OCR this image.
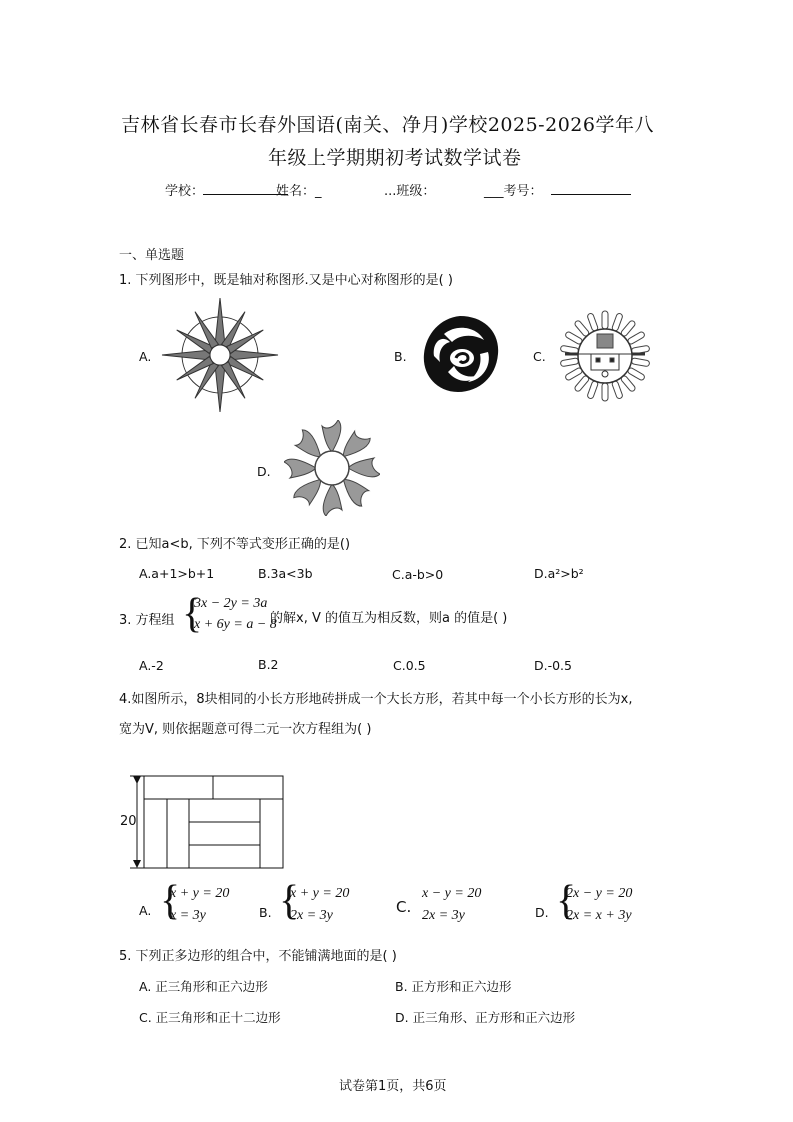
吉林省长春市长春外国语(南关、净月)学校2025-2026学年八
年级上学期期初考试数学试卷
学校：	姓名：_	...班级：	___考号：
一、单选题
1. 下列图形中，既是轴对称图形.又是中心对称图形的是( )
A.	B.	C.
D.
2. 已知a<b, 下列不等式变形正确的是()
A.a+1>b+1	B.3a<3b	C.a-b>0	D.a²>b²
3. 方程组 {
3x − 2y = 3a
x + 6y = a − 8
的解x, V 的值互为相反数，则a 的值是( )
A.-2	B.2	C.0.5	D.-0.5
4.如图所示，8块相同的小长方形地砖拼成一个大长方形，若其中每一个小长方形的长为x,
宽为V, 则依据题意可得二元一次方程组为( )
20
A. {
x + y = 20
x = 3y	B. {
x + y = 20
2x = 3y	C.
x − y = 20
2x = 3y	D. {
2x − y = 20
2x = x + 3y
5. 下列正多边形的组合中，不能铺满地面的是( )
A. 正三角形和正六边形	B. 正方形和正六边形
C. 正三角形和正十二边形	D. 正三角形、正方形和正六边形
试卷第1页，共6页
